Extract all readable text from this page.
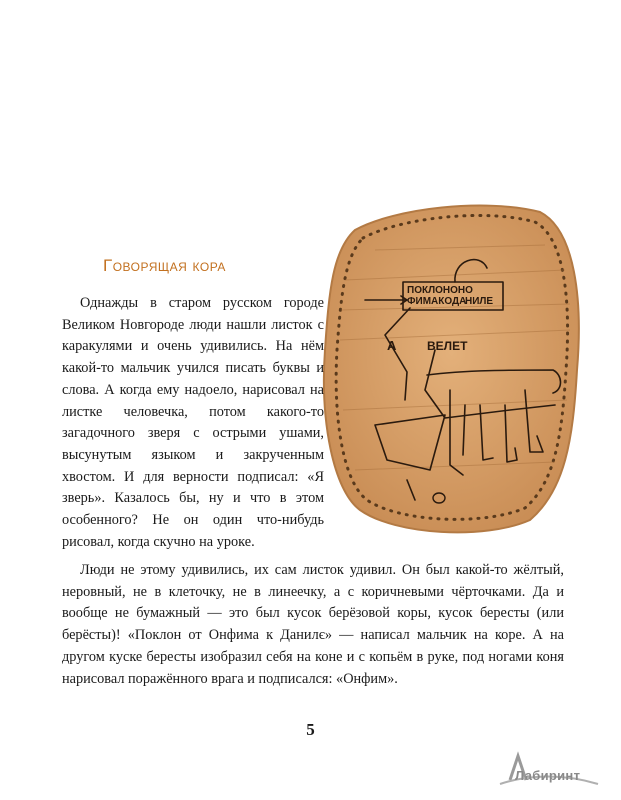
ПОКЛОНОНО
ФИМАКОДА
НИЛЕ
А	ВЕЛЕТ
Говорящая кора
Однажды в старом русском городе Великом Новгороде люди нашли листок с каракулями и очень удивились. На нём какой-то мальчик учился писать буквы и слова. А когда ему надоело, нарисовал на листке человечка, потом какого-то загадочного зверя с острыми ушами, высунутым языком и закрученным хвостом. И для верности подписал: «Я зверь». Казалось бы, ну и что в этом особенного? Не он один что-нибудь рисовал, когда скучно на уроке.
Люди не этому удивились, их сам листок удивил. Он был какой-то жёлтый, неровный, не в клеточку, не в линеечку, а с коричневыми чёрточками. Да и вообще не бумажный — это был кусок берёзовой коры, кусок бересты (или берёсты)! «Поклон от Онфима к Данилє» — написал мальчик на коре. А на другом куске бересты изобразил себя на коне и с копьём в руке, под ногами коня нарисовал поражённого врага и подписался: «Онфим».
5
Лабиринт
